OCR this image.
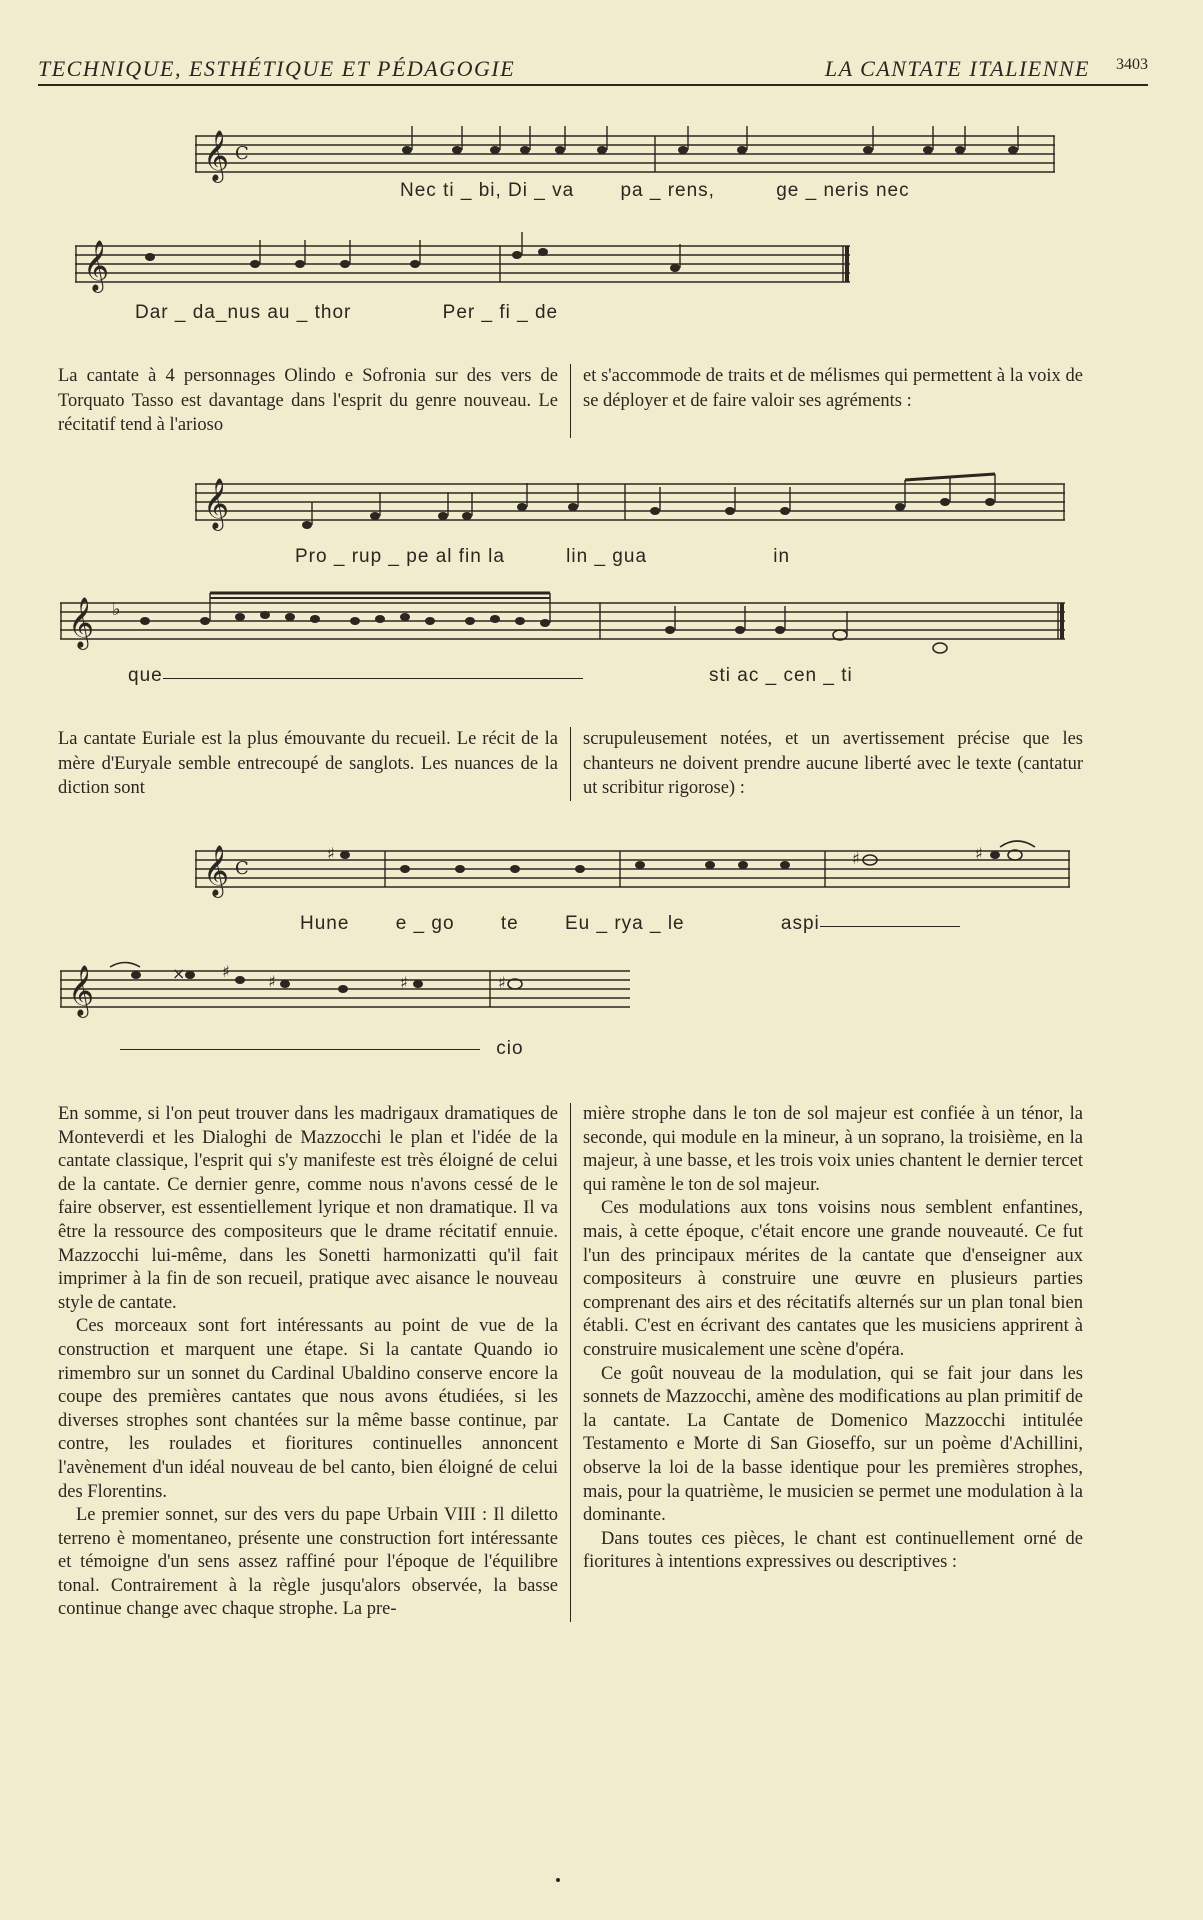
TECHNIQUE, ESTHÉTIQUE ET PÉDAGOGIE	LA CANTATE ITALIENNE 3403
𝄞 C
Nec ti _ bi, Di _ va pa _ rens,	ge _ neris nec
𝄞
Dar _ da_nus au _ thor	Per _ fi _ de

La cantate à 4 personnages Olindo e Sofronia sur des vers de Torquato Tasso est davantage dans l'esprit du genre nouveau. Le récitatif tend à l'arioso

et s'accommode de traits et de mélismes qui permettent à la voix de se déployer et de faire valoir ses agréments :

𝄞
Pro _ rup _ pe al fin la	lin _ gua	in
𝄞 ♭
que	sti ac _ cen _ ti

La cantate Euriale est la plus émouvante du recueil. Le récit de la mère d'Euryale semble entrecoupé de sanglots. Les nuances de la diction sont

scrupuleusement notées, et un avertissement précise que les chanteurs ne doivent prendre aucune liberté avec le texte (cantatur ut scribitur rigorose) :

𝄞 C
♯	♯
♯
Hune e _ go te Eu _ rya _ le	aspi
𝄞	× ♯
♯	♯	♯
cio

En somme, si l'on peut trouver dans les madrigaux dramatiques de Monteverdi et les Dialoghi de Mazzocchi le plan et l'idée de la cantate classique, l'esprit qui s'y manifeste est très éloigné de celui de la cantate. Ce dernier genre, comme nous n'avons cessé de le faire observer, est essentiellement lyrique et non dramatique. Il va être la ressource des compositeurs que le drame récitatif ennuie. Mazzocchi lui-même, dans les Sonetti harmonizatti qu'il fait imprimer à la fin de son recueil, pratique avec aisance le nouveau style de cantate.

Ces morceaux sont fort intéressants au point de vue de la construction et marquent une étape. Si la cantate Quando io rimembro sur un sonnet du Cardinal Ubaldino conserve encore la coupe des premières cantates que nous avons étudiées, si les diverses strophes sont chantées sur la même basse continue, par contre, les roulades et fioritures continuelles annoncent l'avènement d'un idéal nouveau de bel canto, bien éloigné de celui des Florentins.

Le premier sonnet, sur des vers du pape Urbain VIII : Il diletto terreno è momentaneo, présente une construction fort intéressante et témoigne d'un sens assez raffiné pour l'époque de l'équilibre tonal. Contrairement à la règle jusqu'alors observée, la basse continue change avec chaque strophe. La pre-

mière strophe dans le ton de sol majeur est confiée à un ténor, la seconde, qui module en la mineur, à un soprano, la troisième, en la majeur, à une basse, et les trois voix unies chantent le dernier tercet qui ramène le ton de sol majeur.

Ces modulations aux tons voisins nous semblent enfantines, mais, à cette époque, c'était encore une grande nouveauté. Ce fut l'un des principaux mérites de la cantate que d'enseigner aux compositeurs à construire une œuvre en plusieurs parties comprenant des airs et des récitatifs alternés sur un plan tonal bien établi. C'est en écrivant des cantates que les musiciens apprirent à construire musicalement une scène d'opéra.

Ce goût nouveau de la modulation, qui se fait jour dans les sonnets de Mazzocchi, amène des modifications au plan primitif de la cantate. La Cantate de Domenico Mazzocchi intitulée Testamento e Morte di San Gioseffo, sur un poème d'Achillini, observe la loi de la basse identique pour les premières strophes, mais, pour la quatrième, le musicien se permet une modulation à la dominante.

Dans toutes ces pièces, le chant est continuellement orné de fioritures à intentions expressives ou descriptives :
